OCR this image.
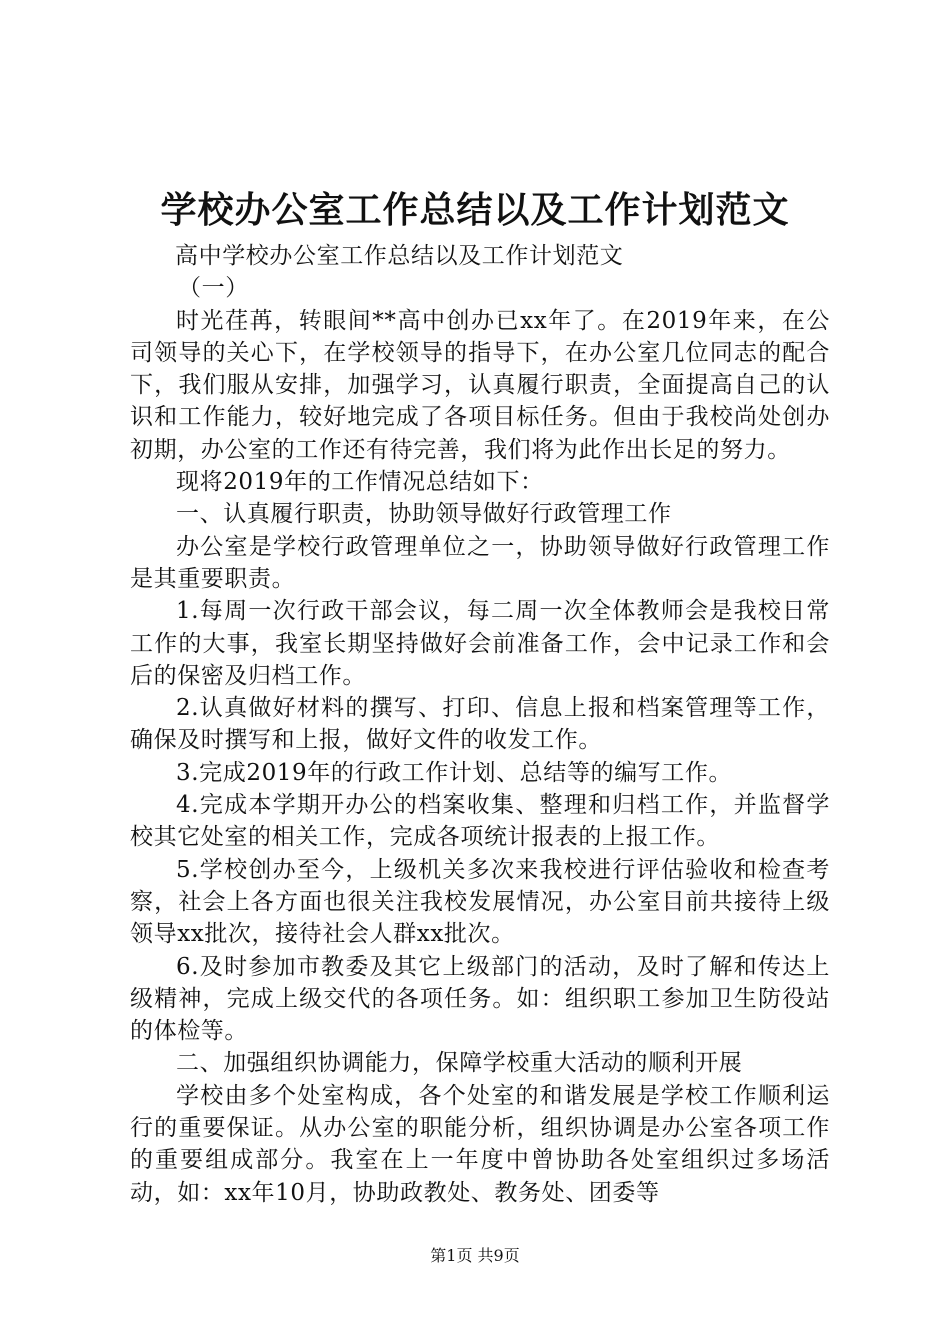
学校办公室工作总结以及工作计划范文

高中学校办公室工作总结以及工作计划范文

（一）

时光荏苒，转眼间**高中创办已xx年了。在2019年来，在公司领导的关心下，在学校领导的指导下，在办公室几位同志的配合下，我们服从安排，加强学习，认真履行职责，全面提高自己的认识和工作能力，较好地完成了各项目标任务。但由于我校尚处创办初期，办公室的工作还有待完善，我们将为此作出长足的努力。

现将2019年的工作情况总结如下：

一、认真履行职责，协助领导做好行政管理工作

办公室是学校行政管理单位之一，协助领导做好行政管理工作是其重要职责。

1.每周一次行政干部会议，每二周一次全体教师会是我校日常工作的大事，我室长期坚持做好会前准备工作，会中记录工作和会后的保密及归档工作。

2.认真做好材料的撰写、打印、信息上报和档案管理等工作，确保及时撰写和上报，做好文件的收发工作。

3.完成2019年的行政工作计划、总结等的编写工作。

4.完成本学期开办公的档案收集、整理和归档工作，并监督学校其它处室的相关工作，完成各项统计报表的上报工作。

5.学校创办至今，上级机关多次来我校进行评估验收和检查考察，社会上各方面也很关注我校发展情况，办公室目前共接待上级领导xx批次，接待社会人群xx批次。

6.及时参加市教委及其它上级部门的活动，及时了解和传达上级精神，完成上级交代的各项任务。如：组织职工参加卫生防役站的体检等。

二、加强组织协调能力，保障学校重大活动的顺利开展

学校由多个处室构成，各个处室的和谐发展是学校工作顺利运行的重要保证。从办公室的职能分析，组织协调是办公室各项工作的重要组成部分。我室在上一年度中曾协助各处室组织过多场活动，如：xx年10月，协助政教处、教务处、团委等

第1页 共9页
